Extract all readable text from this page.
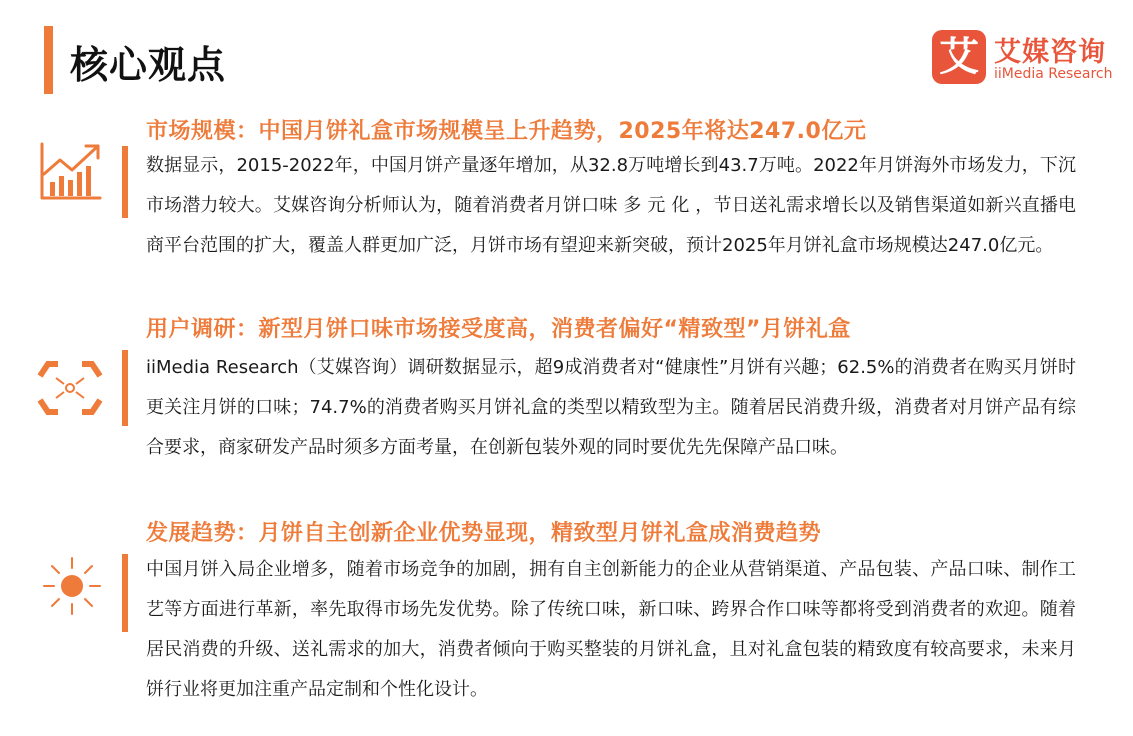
核心观点	艾 艾媒咨询
iiMedia Research
市场规模：中国月饼礼盒市场规模呈上升趋势，2025年将达247.0亿元
数据显示，2015-2022年，中国月饼产量逐年增加，从32.8万吨增长到43.7万吨。2022年月饼海外市场发力，下沉市场潜力较大。艾媒咨询分析师认为，随着消费者月饼口味 多 元 化 ，节日送礼需求增长以及销售渠道如新兴直播电商平台范围的扩大，覆盖人群更加广泛，月饼市场有望迎来新突破，预计2025年月饼礼盒市场规模达247.0亿元。
用户调研：新型月饼口味市场接受度高，消费者偏好“精致型”月饼礼盒
iiMedia Research（艾媒咨询）调研数据显示，超9成消费者对“健康性”月饼有兴趣；62.5%的消费者在购买月饼时更关注月饼的口味；74.7%的消费者购买月饼礼盒的类型以精致型为主。随着居民消费升级，消费者对月饼产品有综合要求，商家研发产品时须多方面考量，在创新包装外观的同时要优先先保障产品口味。
发展趋势：月饼自主创新企业优势显现，精致型月饼礼盒成消费趋势
中国月饼入局企业增多，随着市场竞争的加剧，拥有自主创新能力的企业从营销渠道、产品包装、产品口味、制作工艺等方面进行革新，率先取得市场先发优势。除了传统口味，新口味、跨界合作口味等都将受到消费者的欢迎。随着居民消费的升级、送礼需求的加大，消费者倾向于购买整装的月饼礼盒，且对礼盒包装的精致度有较高要求，未来月饼行业将更加注重产品定制和个性化设计。
